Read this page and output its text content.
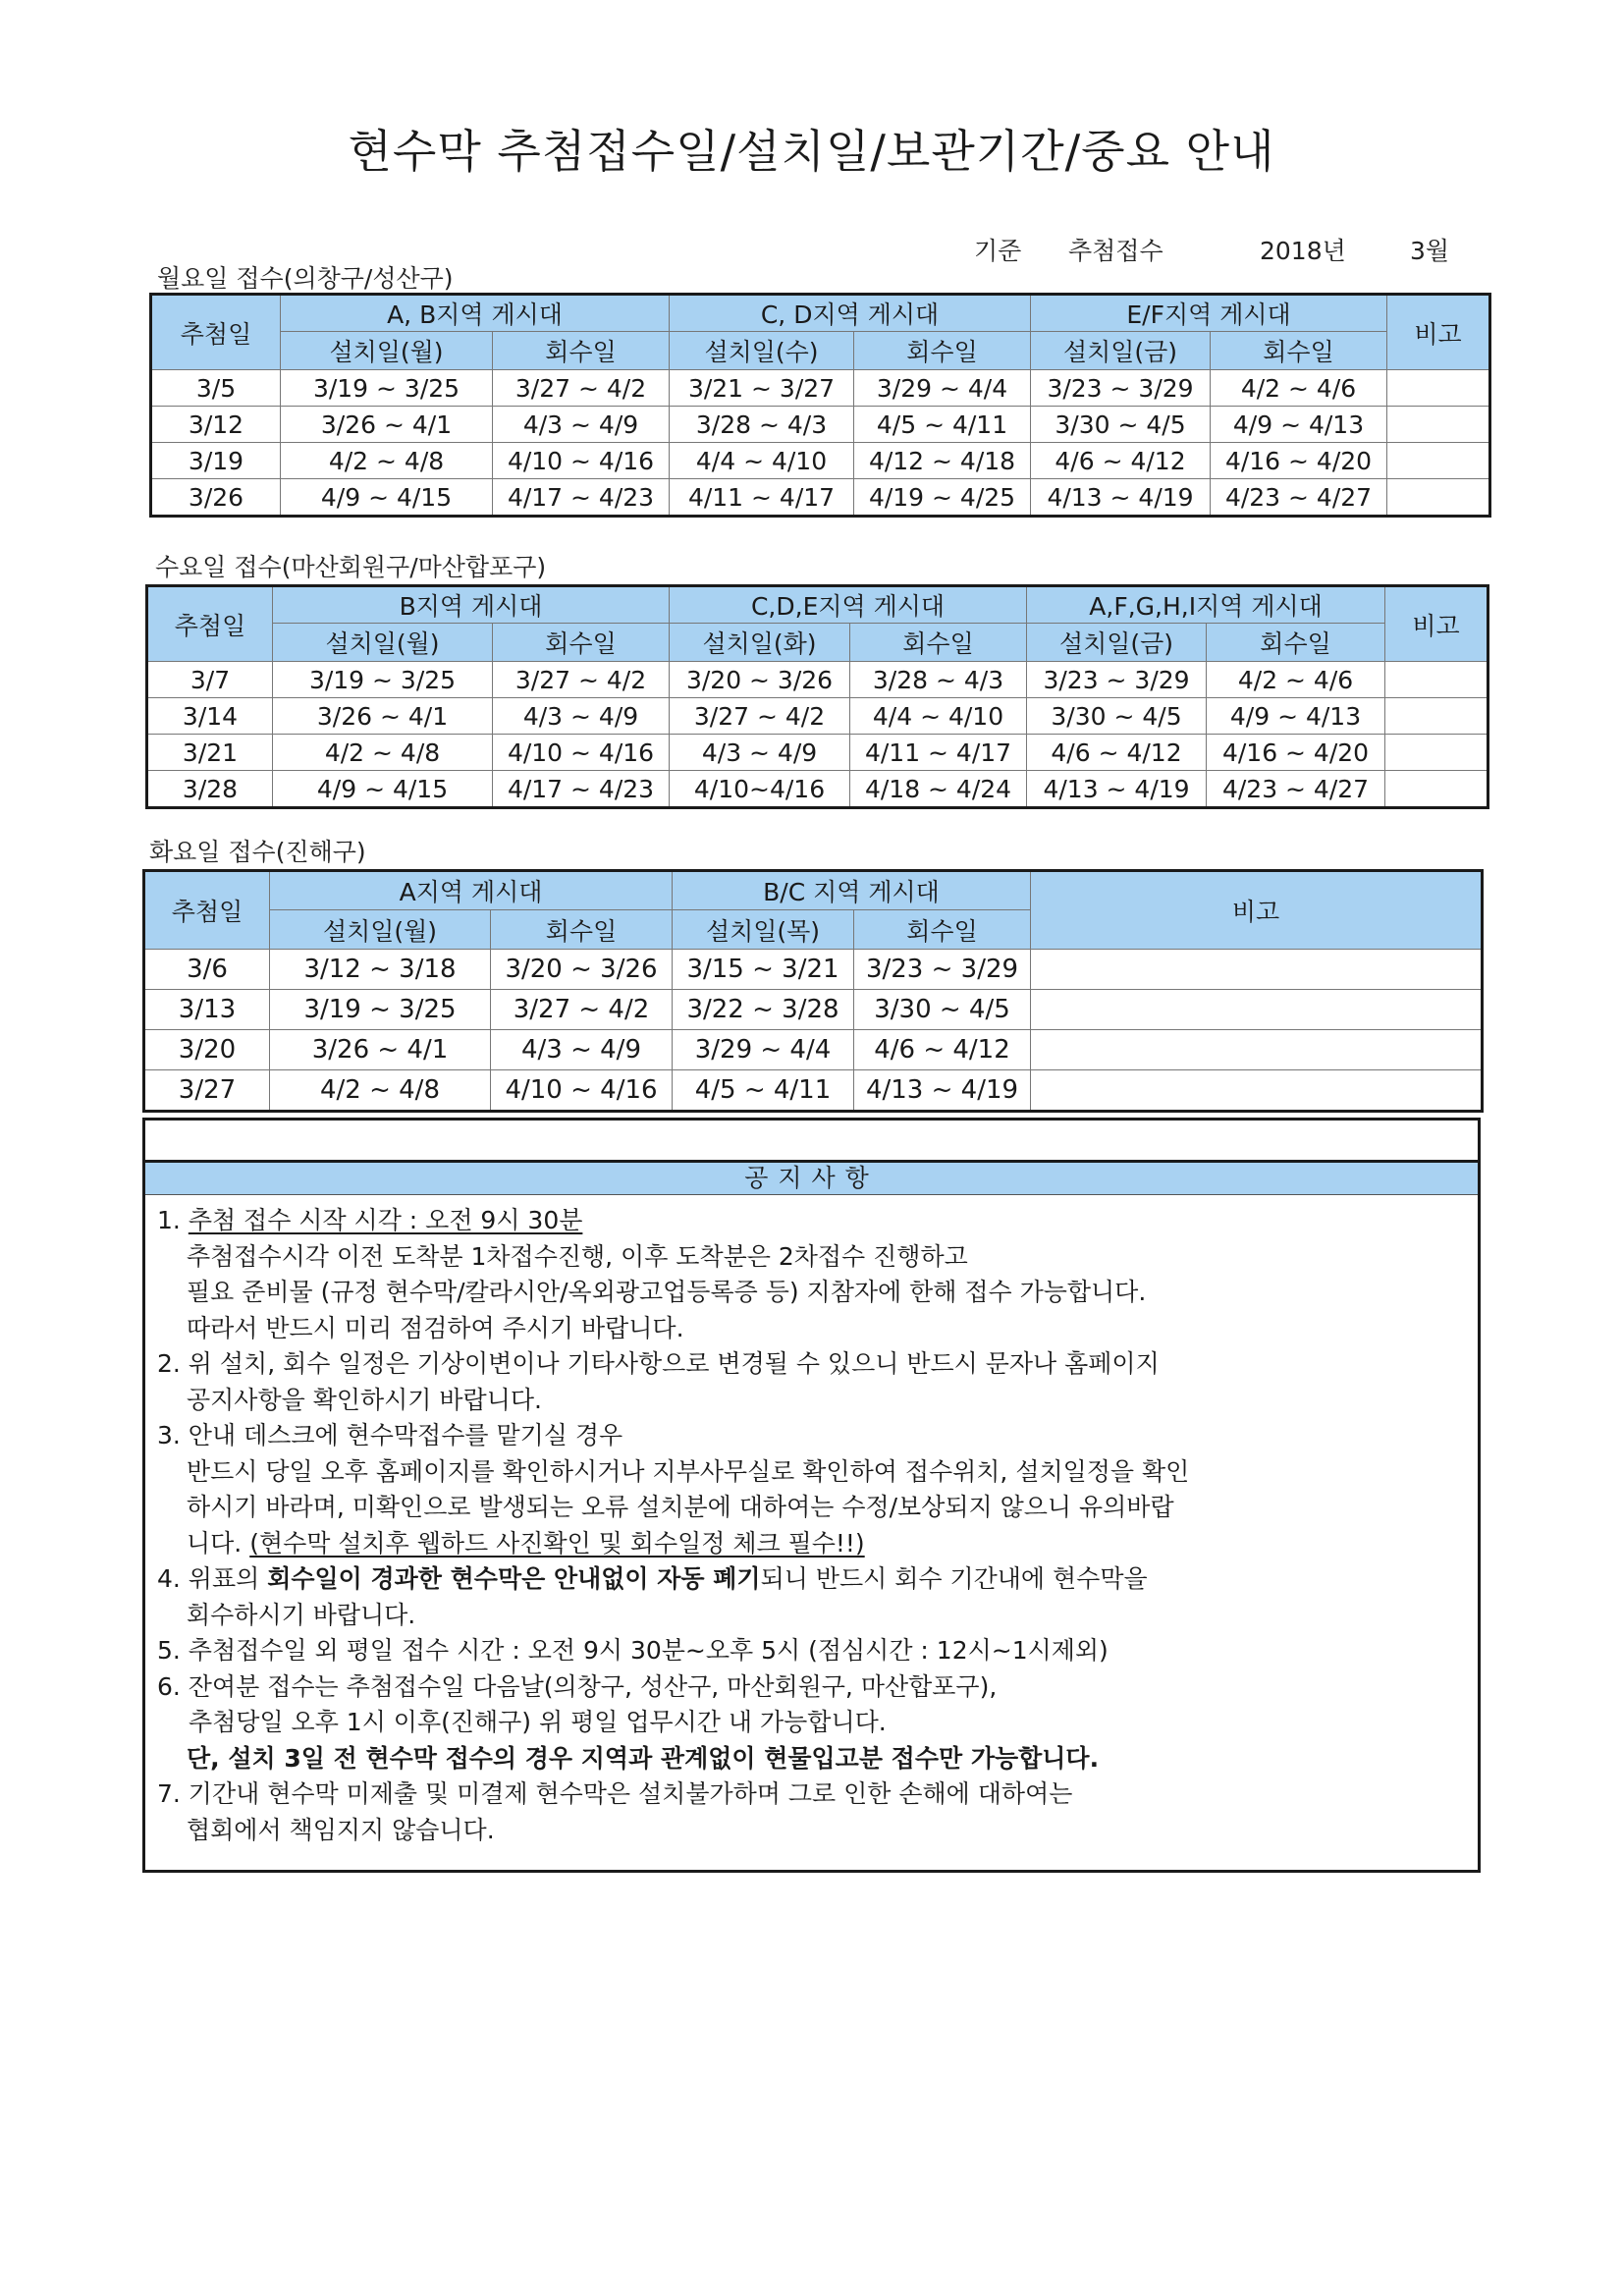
현수막 추첨접수일/설치일/보관기간/중요 안내
기준 추첨접수	2018년	3월
월요일 접수(의창구/성산구)
추첨일	A, B지역 게시대		C, D지역 게시대		E/F지역 게시대		비고
	설치일(월)	회수일	설치일(수)	회수일	설치일(금)	회수일	
3/5	3/19 ~ 3/25	3/27 ~ 4/2	3/21 ~ 3/27	3/29 ~ 4/4	3/23 ~ 3/29	4/2 ~ 4/6	
3/12	3/26 ~ 4/1	4/3 ~ 4/9	3/28 ~ 4/3	4/5 ~ 4/11	3/30 ~ 4/5	4/9 ~ 4/13	
3/19	4/2 ~ 4/8	4/10 ~ 4/16	4/4 ~ 4/10	4/12 ~ 4/18	4/6 ~ 4/12	4/16 ~ 4/20	
3/26	4/9 ~ 4/15	4/17 ~ 4/23	4/11 ~ 4/17	4/19 ~ 4/25	4/13 ~ 4/19	4/23 ~ 4/27	
수요일 접수(마산회원구/마산합포구)
추첨일	B지역 게시대		C,D,E지역 게시대		A,F,G,H,I지역 게시대		비고
	설치일(월)	회수일	설치일(화)	회수일	설치일(금)	회수일	
3/7	3/19 ~ 3/25	3/27 ~ 4/2	3/20 ~ 3/26	3/28 ~ 4/3	3/23 ~ 3/29	4/2 ~ 4/6	
3/14	3/26 ~ 4/1	4/3 ~ 4/9	3/27 ~ 4/2	4/4 ~ 4/10	3/30 ~ 4/5	4/9 ~ 4/13	
3/21	4/2 ~ 4/8	4/10 ~ 4/16	4/3 ~ 4/9	4/11 ~ 4/17	4/6 ~ 4/12	4/16 ~ 4/20	
3/28	4/9 ~ 4/15	4/17 ~ 4/23	4/10~4/16	4/18 ~ 4/24	4/13 ~ 4/19	4/23 ~ 4/27	
화요일 접수(진해구)
추첨일	A지역 게시대		B/C 지역 게시대		비고
	설치일(월)	회수일	설치일(목)	회수일	
3/6	3/12 ~ 3/18	3/20 ~ 3/26	3/15 ~ 3/21	3/23 ~ 3/29	
3/13	3/19 ~ 3/25	3/27 ~ 4/2	3/22 ~ 3/28	3/30 ~ 4/5	
3/20	3/26 ~ 4/1	4/3 ~ 4/9	3/29 ~ 4/4	4/6 ~ 4/12	
3/27	4/2 ~ 4/8	4/10 ~ 4/16	4/5 ~ 4/11	4/13 ~ 4/19	
공지사항
1. 추첨 접수 시작 시각 : 오전 9시 30분
추첨접수시각 이전 도착분 1차접수진행, 이후 도착분은 2차접수 진행하고
필요 준비물 (규정 현수막/칼라시안/옥외광고업등록증 등) 지참자에 한해 접수 가능합니다.
따라서 반드시 미리 점검하여 주시기 바랍니다.
2. 위 설치, 회수 일정은 기상이변이나 기타사항으로 변경될 수 있으니 반드시 문자나 홈페이지
공지사항을 확인하시기 바랍니다.
3. 안내 데스크에 현수막접수를 맡기실 경우
반드시 당일 오후 홈페이지를 확인하시거나 지부사무실로 확인하여 접수위치, 설치일정을 확인
하시기 바라며, 미확인으로 발생되는 오류 설치분에 대하여는 수정/보상되지 않으니 유의바랍
니다. (현수막 설치후 웹하드 사진확인 및 회수일정 체크 필수!!)
4. 위표의 회수일이 경과한 현수막은 안내없이 자동 폐기되니 반드시 회수 기간내에 현수막을
회수하시기 바랍니다.
5. 추첨접수일 외 평일 접수 시간 : 오전 9시 30분~오후 5시 (점심시간 : 12시~1시제외)
6. 잔여분 접수는 추첨접수일 다음날(의창구, 성산구, 마산회원구, 마산합포구),
추첨당일 오후 1시 이후(진해구) 위 평일 업무시간 내 가능합니다.
단, 설치 3일 전 현수막 접수의 경우 지역과 관계없이 현물입고분 접수만 가능합니다.
7. 기간내 현수막 미제출 및 미결제 현수막은 설치불가하며 그로 인한 손해에 대하여는
협회에서 책임지지 않습니다.
